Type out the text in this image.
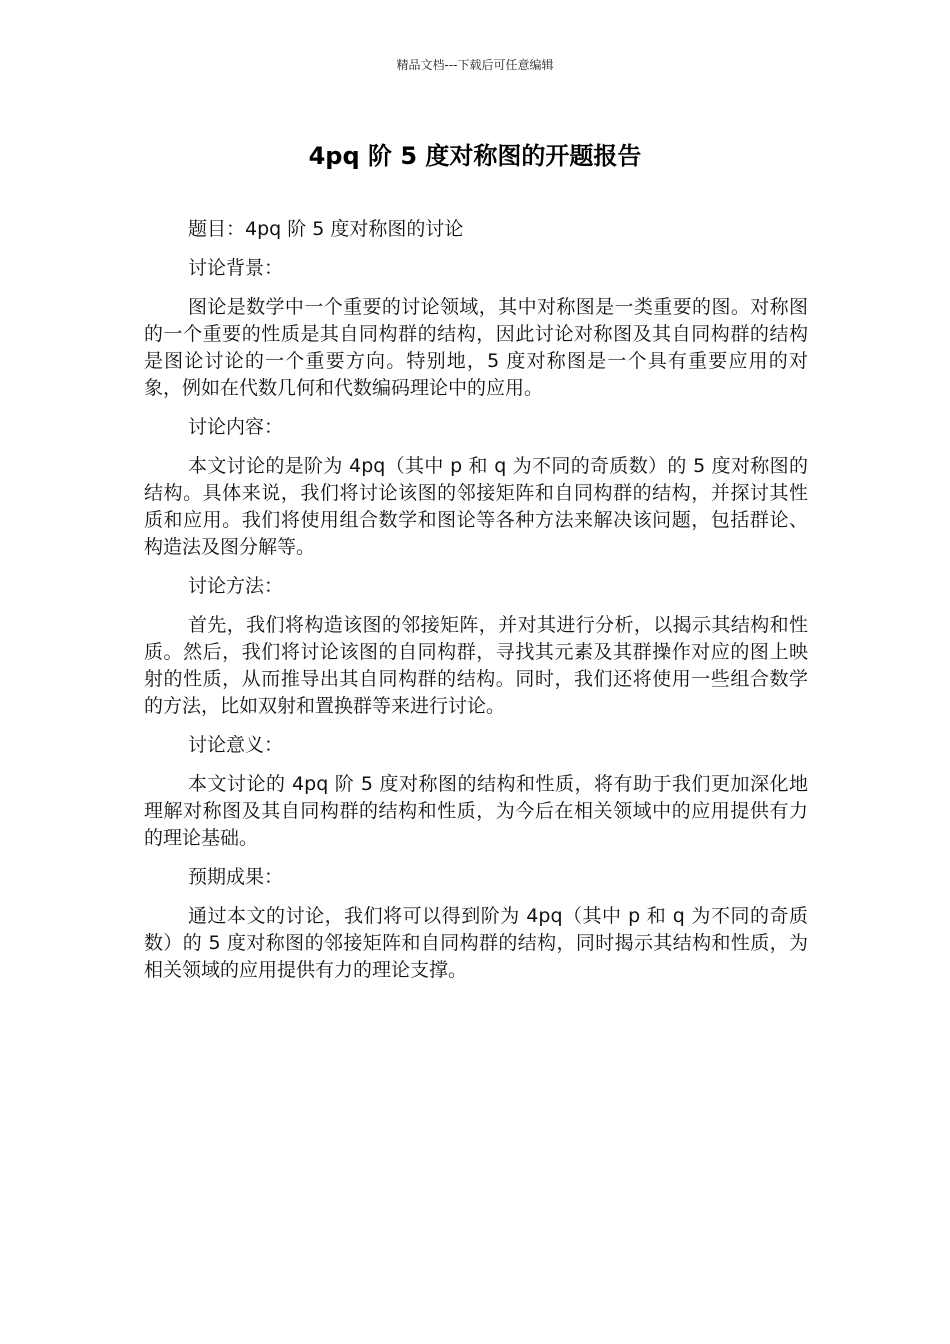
精品文档---下载后可任意编辑
4pq 阶 5 度对称图的开题报告

题目：4pq 阶 5 度对称图的讨论

讨论背景：

图论是数学中一个重要的讨论领域，其中对称图是一类重要的图。对称图的一个重要的性质是其自同构群的结构，因此讨论对称图及其自同构群的结构是图论讨论的一个重要方向。特别地，5 度对称图是一个具有重要应用的对象，例如在代数几何和代数编码理论中的应用。

讨论内容：

本文讨论的是阶为 4pq（其中 p 和 q 为不同的奇质数）的 5 度对称图的结构。具体来说，我们将讨论该图的邻接矩阵和自同构群的结构，并探讨其性质和应用。我们将使用组合数学和图论等各种方法来解决该问题，包括群论、构造法及图分解等。

讨论方法：

首先，我们将构造该图的邻接矩阵，并对其进行分析，以揭示其结构和性质。然后，我们将讨论该图的自同构群，寻找其元素及其群操作对应的图上映射的性质，从而推导出其自同构群的结构。同时，我们还将使用一些组合数学的方法，比如双射和置换群等来进行讨论。

讨论意义：

本文讨论的 4pq 阶 5 度对称图的结构和性质，将有助于我们更加深化地理解对称图及其自同构群的结构和性质，为今后在相关领域中的应用提供有力的理论基础。

预期成果：

通过本文的讨论，我们将可以得到阶为 4pq（其中 p 和 q 为不同的奇质数）的 5 度对称图的邻接矩阵和自同构群的结构，同时揭示其结构和性质，为相关领域的应用提供有力的理论支撑。
